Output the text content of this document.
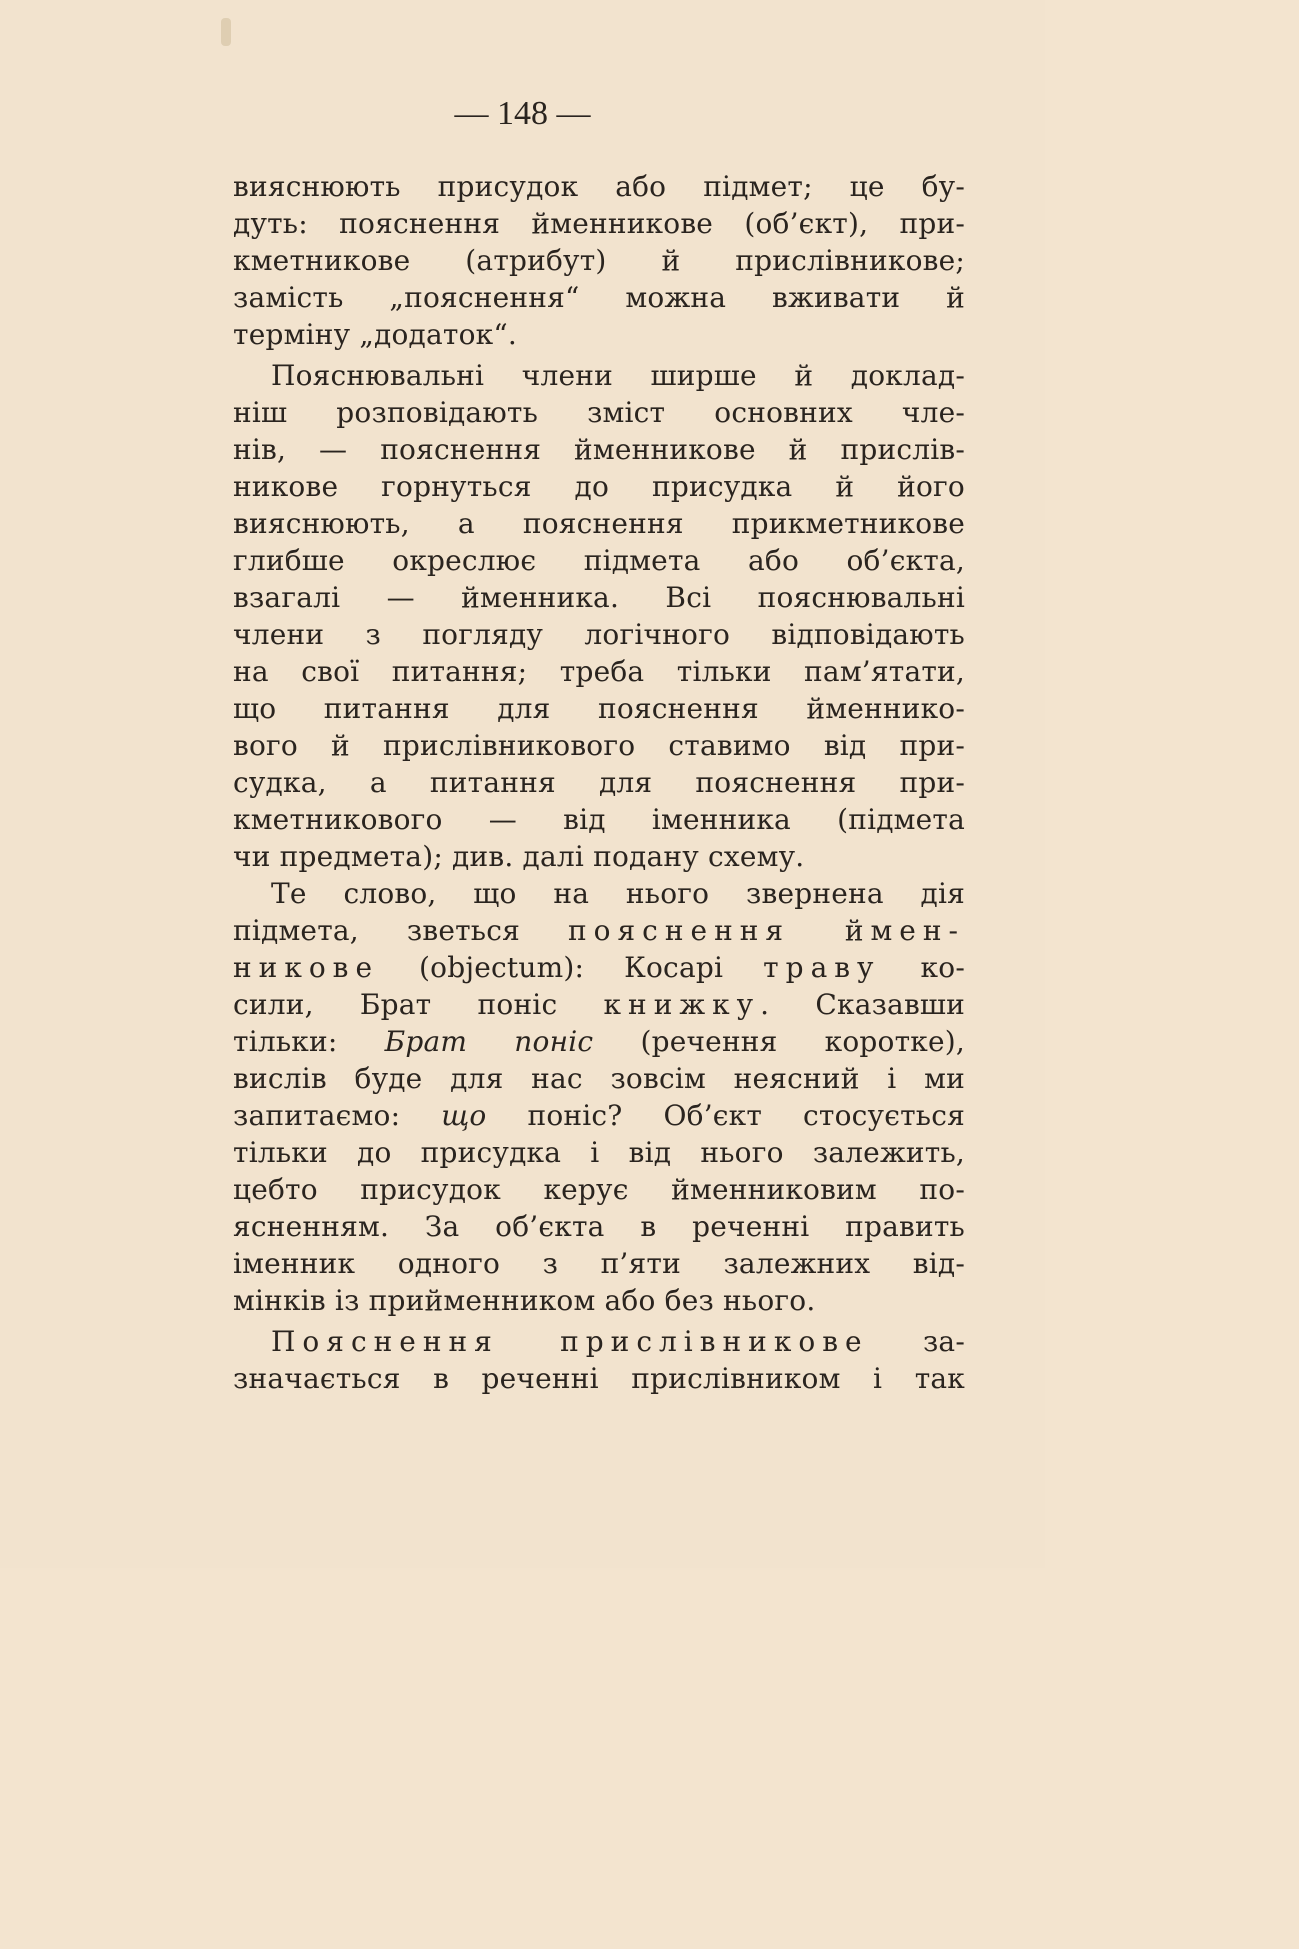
— 148 —
вияснюють присудок або підмет; це бу-
дуть: пояснення йменникове (об’єкт), при-
кметникове (атрибут) й прислівникове;
замість „пояснення“ можна вживати й
терміну „додаток“.
Пояснювальні члени ширше й доклад-
ніш розповідають зміст основних чле-
нів, — пояснення йменникове й прислів-
никове горнуться до присудка й його
вияснюють, а пояснення прикметникове
глибше окреслює підмета або об’єкта,
взагалі — йменника. Всі пояснювальні
члени з погляду логічного відповідають
на свої питання; треба тільки пам’ятати,
що питання для пояснення йменнико-
вого й прислівникового ставимо від при-
судка, а питання для пояснення при-
кметникового — від іменника (підмета
чи предмета); див. далі подану схему.
Те слово, що на нього звернена дія
підмета, зветься пояснення ймен-
никове (objectum): Косарі траву ко-
сили, Брат поніс книжку. Сказавши
тільки: Брат поніс (речення коротке),
вислів буде для нас зовсім неясний і ми
запитаємо: що поніс? Об’єкт стосується
тільки до присудка і від нього залежить,
цебто присудок керує йменниковим по-
ясненням. За об’єкта в реченні править
іменник одного з п’яти залежних від-
мінків із прийменником або без нього.
Пояснення прислівникове за-
значається в реченні прислівником і так
